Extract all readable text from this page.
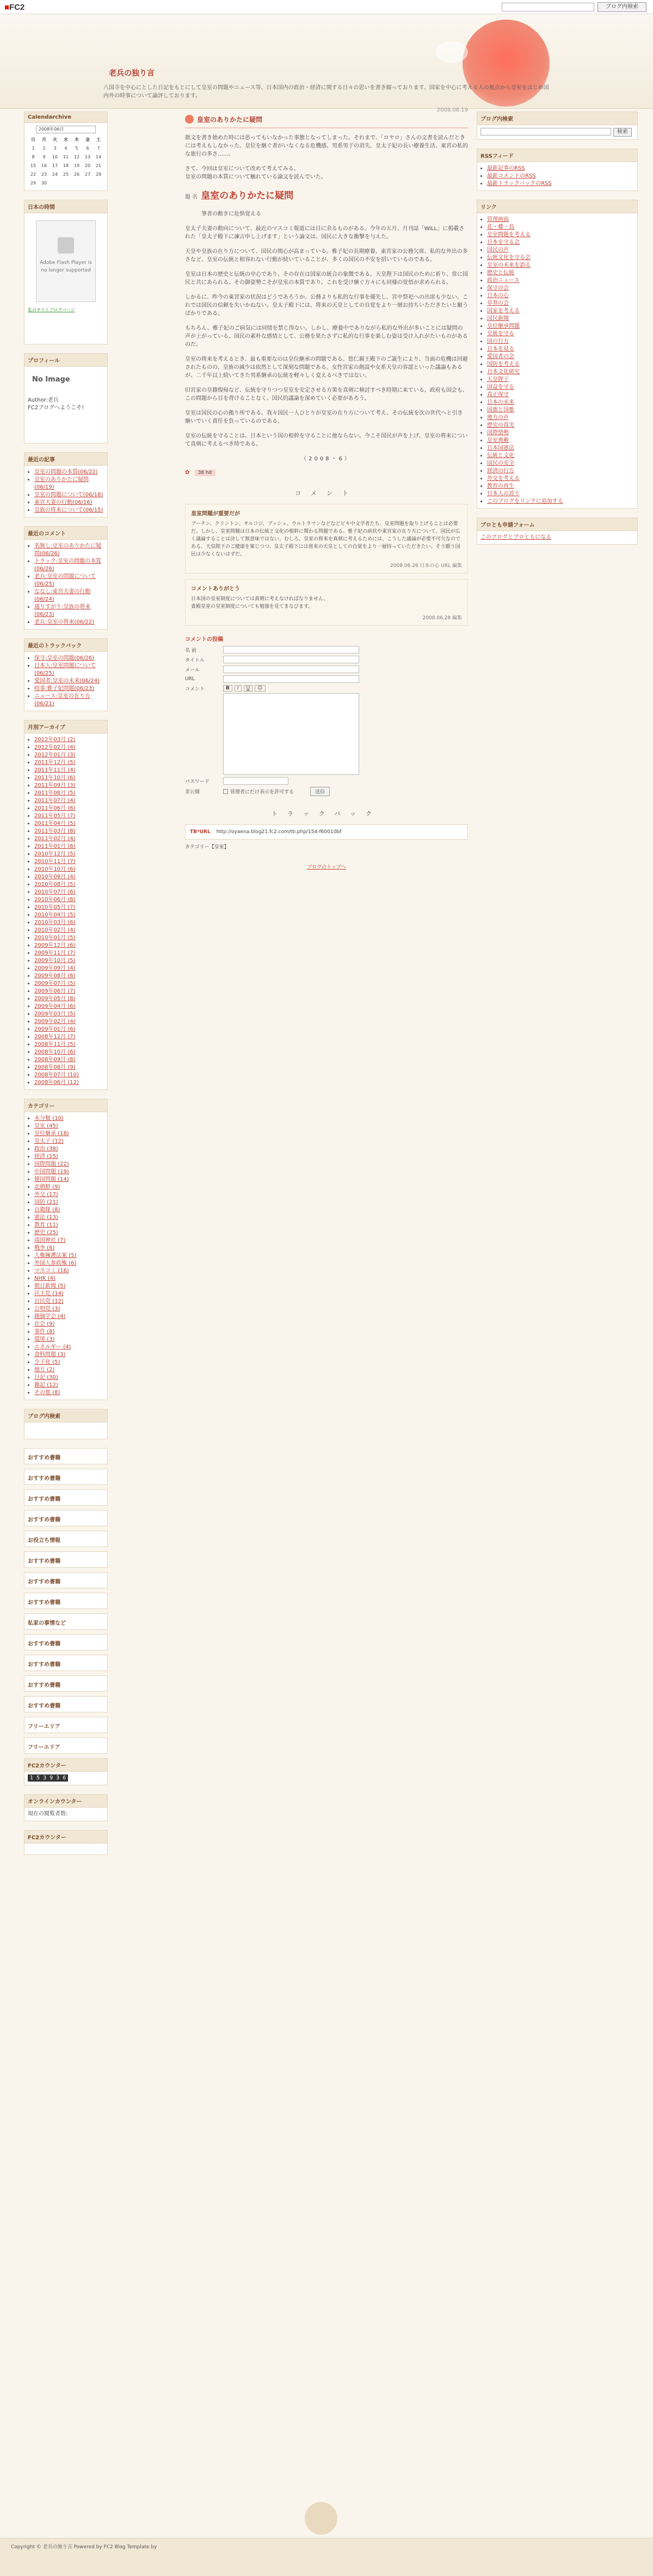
■FC2	ブログ内検索
老兵の独り言
八国寺を中心にとした日記をもとにして皇室の問題やニュース等、日本国内の政治・経済に関する日々の思いを書き綴っております。国家を中心に考える人の視点から皇室をはじめ国内外の時事について論評しております。
Calendarchive
2008年06月
日	月	火	水	木	金	土
1	2	3	4	5	6	7
8	9	10	11	12	13	14
15	16	17	18	19	20	21
22	23	24	25	26	27	28
29	30					
日本の時間
Adobe Flash Player is no longer supported
私のサイトブログパーツ
プロフィール
No Image
Author:老兵
FC2ブログへようこそ!
最近の記事
• 皇室の問題の本質(06/22)
• 皇室のありかたに疑問(06/19)
• 皇室の問題について(06/18)
• 東宮夫妻の行動(06/16)
• 皇族の将来について(06/15)
最近のコメント
• 名無し:皇室のありかたに疑問(06/26)
• トラック:皇室の問題の本質(06/26)
• 老兵:皇室の問題について(06/25)
• ななし:東宮夫妻の行動(06/24)
• 通りすがり:皇族の将来(06/23)
• 老兵:皇室の将来(06/22)
最近のトラックバック
• 保守:皇室の問題(06/26)
• 日本人:皇室問題について(06/25)
• 愛国者:皇室の未来(06/24)
• 時事:雅子妃問題(06/23)
• ニュース:皇室の在り方(06/21)
月別アーカイブ
• 2012年03月 (2)
• 2012年02月 (4)
• 2012年01月 (3)
• 2011年12月 (5)
• 2011年11月 (4)
• 2011年10月 (6)
• 2011年09月 (3)
• 2011年08月 (5)
• 2011年07月 (4)
• 2011年06月 (6)
• 2011年05月 (7)
• 2011年04月 (5)
• 2011年03月 (8)
• 2011年02月 (4)
• 2011年01月 (6)
• 2010年12月 (5)
• 2010年11月 (7)
• 2010年10月 (6)
• 2010年09月 (4)
• 2010年08月 (5)
• 2010年07月 (6)
• 2010年06月 (8)
• 2010年05月 (7)
• 2010年04月 (5)
• 2010年03月 (6)
• 2010年02月 (4)
• 2010年01月 (5)
• 2009年12月 (6)
• 2009年11月 (7)
• 2009年10月 (5)
• 2009年09月 (4)
• 2009年08月 (6)
• 2009年07月 (5)
• 2009年06月 (7)
• 2009年05月 (8)
• 2009年04月 (6)
• 2009年03月 (5)
• 2009年02月 (4)
• 2009年01月 (6)
• 2008年12月 (7)
• 2008年11月 (5)
• 2008年10月 (6)
• 2008年09月 (8)
• 2008年08月 (9)
• 2008年07月 (10)
• 2008年06月 (12)
カテゴリー
• 未分類 (10)
• 皇室 (45)
• 皇位継承 (18)
• 皇太子 (12)
• 政治 (38)
• 経済 (15)
• 国際問題 (22)
• 中国問題 (19)
• 韓国問題 (14)
• 北朝鮮 (9)
• 外交 (17)
• 国防 (21)
• 自衛隊 (8)
• 憲法 (13)
• 教育 (11)
• 歴史 (25)
• 靖国神社 (7)
• 戦争 (6)
• 人権擁護法案 (5)
• 外国人参政権 (6)
• マスコミ (16)
• NHK (4)
• 朝日新聞 (5)
• 民主党 (14)
• 自民党 (12)
• 公明党 (3)
• 創価学会 (4)
• 社会 (9)
• 事件 (8)
• 環境 (3)
• エネルギー (4)
• 食料問題 (3)
• 少子化 (5)
• 地方 (2)
• 日記 (30)
• 雑記 (12)
• その他 (8)
ブログ内検索
おすすめ書籍
おすすめ書籍
おすすめ書籍
おすすめ書籍
お役立ち情報
おすすめ書籍
おすすめ書籍
おすすめ書籍
私家の事情など
おすすめ書籍
おすすめ書籍
おすすめ書籍
おすすめ書籍
フリーエリア
フリーエリア
FC2カウンター
1 5 3 9 3 6
オンラインカウンター
現在の閲覧者数:
FC2カウンター
2008.06.19
皇室のありかたに疑問

拙文を書き始めた時には思ってもいなかった事態となってしまった。それまで、「ロヤロ」さんの文書を読んだときには考えもしなかった。皇位を継ぐ者がいなくなる危機感、男系男子の消失、皇太子妃の長い療養生活、東宮の私的な旅行の多さ……。

さて、今回は皇室について改めて考えてみる。
皇室の問題の本質について触れている論文を読んでいた。

題 名 皇室のありかたに疑問

筆者の動きに危惧覚える

皇太子夫妻の動向について、最近のマスコミ報道には目に余るものがある。今年の五月、月刊誌「WiLL」に掲載された「皇太子殿下に諫言申し上げます」という論文は、国民に大きな衝撃を与えた。

天皇や皇族の在り方について、国民の関心が高まっている。雅子妃の長期療養、東宮家の公務欠席、私的な外出の多さなど、皇室の伝統と相容れない行動が続いていることが、多くの国民の不安を招いているのである。

皇室は日本の歴史と伝統の中心であり、その存在は国家の統合の象徴である。天皇陛下は国民のために祈り、常に国民と共にあられる。その御姿勢こそが皇室の本質であり、これを受け継ぐ方々にも同様の覚悟が求められる。

しかるに、昨今の東宮家の状況はどうであろうか。公務よりも私的な行事を優先し、宮中祭祀への出席も少ない。これでは国民の信頼を失いかねない。皇太子殿下には、将来の天皇としての自覚をより一層お持ちいただきたいと願うばかりである。

もちろん、雅子妃のご病気には同情を禁じ得ない。しかし、療養中でありながら私的な外出が多いことには疑問の声が上がっている。国民の素朴な感情として、公務を果たさずに私的な行事を楽しむ姿は受け入れがたいものがあるのだ。

皇室の将来を考えるとき、最も重要なのは皇位継承の問題である。悠仁親王殿下のご誕生により、当面の危機は回避されたものの、皇族の減少は依然として深刻な問題である。女性宮家の創設や女系天皇の容認といった議論もあるが、二千年以上続いてきた男系継承の伝統を軽々しく変えるべきではない。

旧宮家の皇籍復帰など、伝統を守りつつ皇室を安定させる方策を真剣に検討すべき時期に来ている。政府も国会も、この問題から目を背けることなく、国民的議論を深めていく必要があろう。

皇室は国民の心の拠り所である。我々国民一人ひとりが皇室の在り方について考え、その伝統を次の世代へと引き継いでいく責任を負っているのである。

皇室の伝統を守ることは、日本という国の根幹を守ることに他ならない。今こそ国民が声を上げ、皇室の将来について真剣に考えるべき時である。

（2008・6）

✿ 38 hit
コメント
皇室問題が重要だが
ブーチン、クリントン、サルコジ、ブッシュ、ウルトラマンなどなどビキ中文学者たち、皇室問題を取り上げることは必要だ。しかし、皇室問題は日本の伝統と文化の根幹に関わる問題である。雅子妃の病状や東宮家の在り方について、国民が広く議論することは決して無意味ではない。むしろ、皇室の将来を真剣に考えるためには、こうした議論が必要不可欠なのである。天皇陛下のご健康を案じつつ、皇太子殿下には将来の天皇としての自覚をより一層持っていただきたい。そう願う国民は少なくないはずだ。
2008.06.26 日本の心 URL 編集
コメントありがとう
日本国の皇室制度については真剣に考えなければなりません。
貴殿皇室の皇室制度についても勉強を見てまなびます。
2008.06.28 編集
コメントの投稿
名 前
タイトル
メール
URL
コメント	B	I	U	☺
パスワード
非公開	管理者にだけ表示を許可する	送信
トラックバック
TB*URL http://oyaena.blog21.fc2.com/tb.php/154-f60010bf
カテゴリー【皇室】
ブログのトップへ
ブログ内検索
検索
RSSフィード
• 最新記事のRSS
• 最新コメントのRSS
• 最新トラックバックのRSS
リンク
• 管理画面
• 花・蝶・鳥
• 皇室問題を考える
• 日本を守る会
• 国民の声
• 伝統文化を守る会
• 皇室の未来を語る
• 歴史と伝統
• 政治ニュース
• 保守の会
• 日本の心
• 草莽の会
• 国家を考える
• 国民新聞
• 皇位継承問題
• 皇統を守る
• 国の行方
• 日本を見る
• 愛国者の会
• 国防を考える
• 日本文化研究
• 天皇陛下
• 国益を守る
• 真正保守
• 日本の未来
• 国旗と国歌
• 地方の声
• 歴史の真実
• 国際情勢
• 皇室典範
• 日本国憲法
• 伝統と文化
• 国民の安全
• 経済の行方
• 外交を考える
• 教育の再生
• 日本人の誇り
• このブログをリンクに追加する
ブロとも申請フォーム
このブログとブロともになる
Copyright © 老兵の独り言 Powered by FC2 Blog Template by
